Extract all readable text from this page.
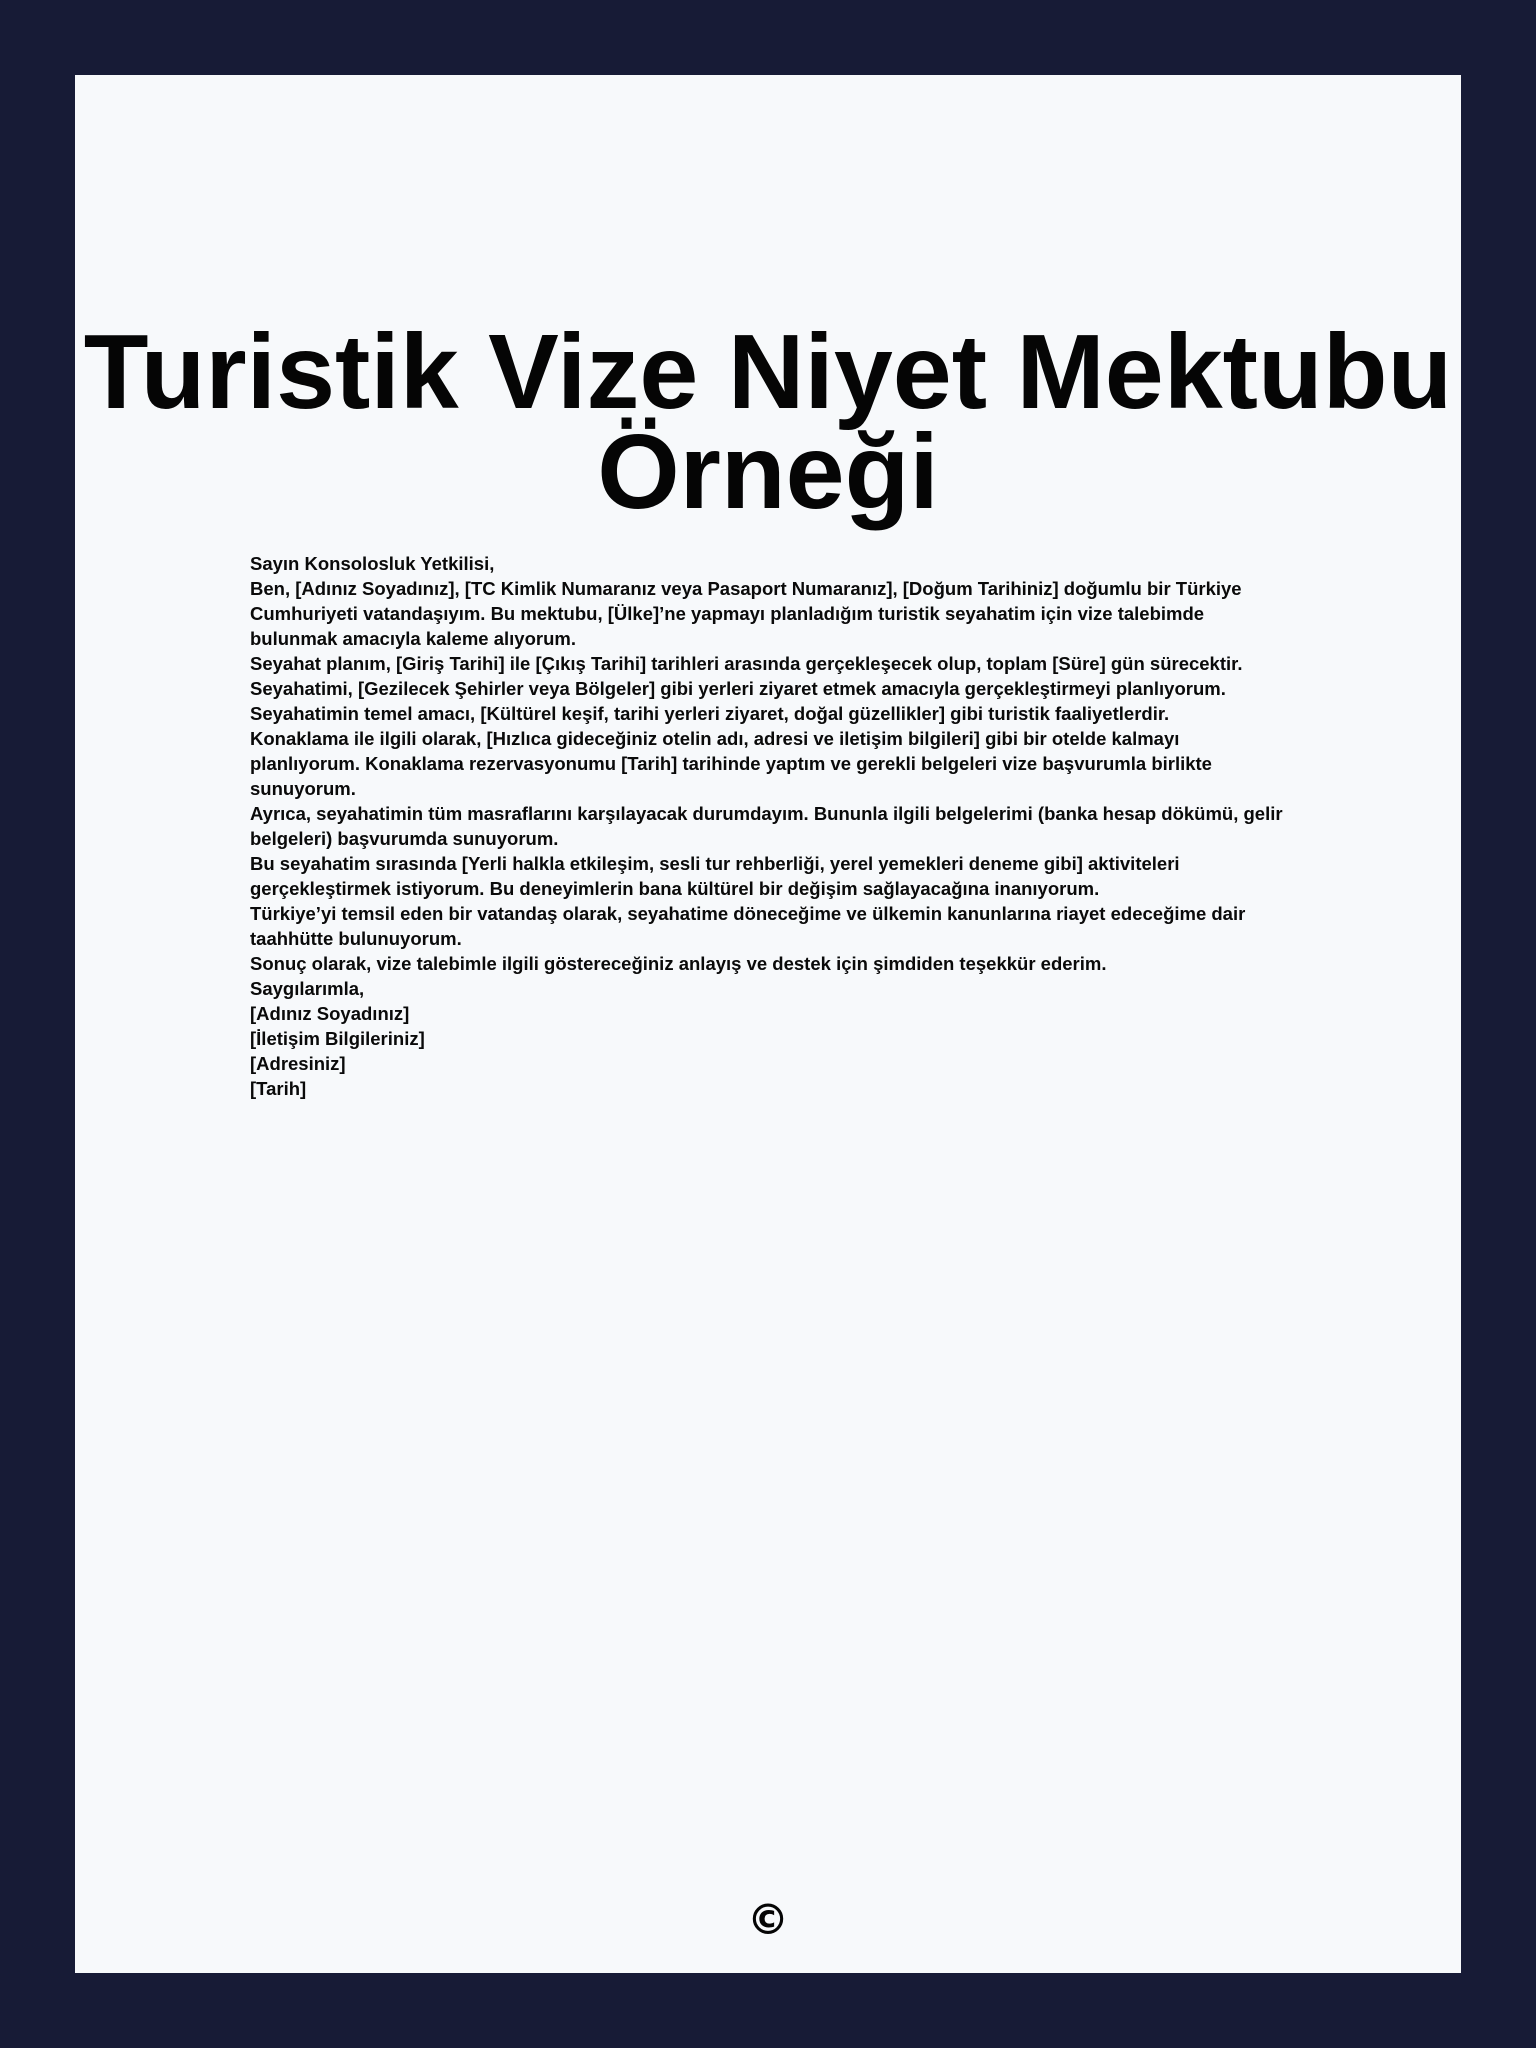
Turistik Vize Niyet Mektubu
Örneği

Sayın Konsolosluk Yetkilisi,

Ben, [Adınız Soyadınız], [TC Kimlik Numaranız veya Pasaport Numaranız], [Doğum Tarihiniz] doğumlu bir Türkiye Cumhuriyeti vatandaşıyım. Bu mektubu, [Ülke]’ne yapmayı planladığım turistik seyahatim için vize talebimde bulunmak amacıyla kaleme alıyorum.

Seyahat planım, [Giriş Tarihi] ile [Çıkış Tarihi] tarihleri arasında gerçekleşecek olup, toplam [Süre] gün sürecektir. Seyahatimi, [Gezilecek Şehirler veya Bölgeler] gibi yerleri ziyaret etmek amacıyla gerçekleştirmeyi planlıyorum. Seyahatimin temel amacı, [Kültürel keşif, tarihi yerleri ziyaret, doğal güzellikler] gibi turistik faaliyetlerdir.

Konaklama ile ilgili olarak, [Hızlıca gideceğiniz otelin adı, adresi ve iletişim bilgileri] gibi bir otelde kalmayı planlıyorum. Konaklama rezervasyonumu [Tarih] tarihinde yaptım ve gerekli belgeleri vize başvurumla birlikte sunuyorum.

Ayrıca, seyahatimin tüm masraflarını karşılayacak durumdayım. Bununla ilgili belgelerimi (banka hesap dökümü, gelir belgeleri) başvurumda sunuyorum.

Bu seyahatim sırasında [Yerli halkla etkileşim, sesli tur rehberliği, yerel yemekleri deneme gibi] aktiviteleri gerçekleştirmek istiyorum. Bu deneyimlerin bana kültürel bir değişim sağlayacağına inanıyorum.

Türkiye’yi temsil eden bir vatandaş olarak, seyahatime döneceğime ve ülkemin kanunlarına riayet edeceğime dair taahhütte bulunuyorum.

Sonuç olarak, vize talebimle ilgili göstereceğiniz anlayış ve destek için şimdiden teşekkür ederim.

Saygılarımla,

[Adınız Soyadınız]

[İletişim Bilgileriniz]

[Adresiniz]

[Tarih]

©
